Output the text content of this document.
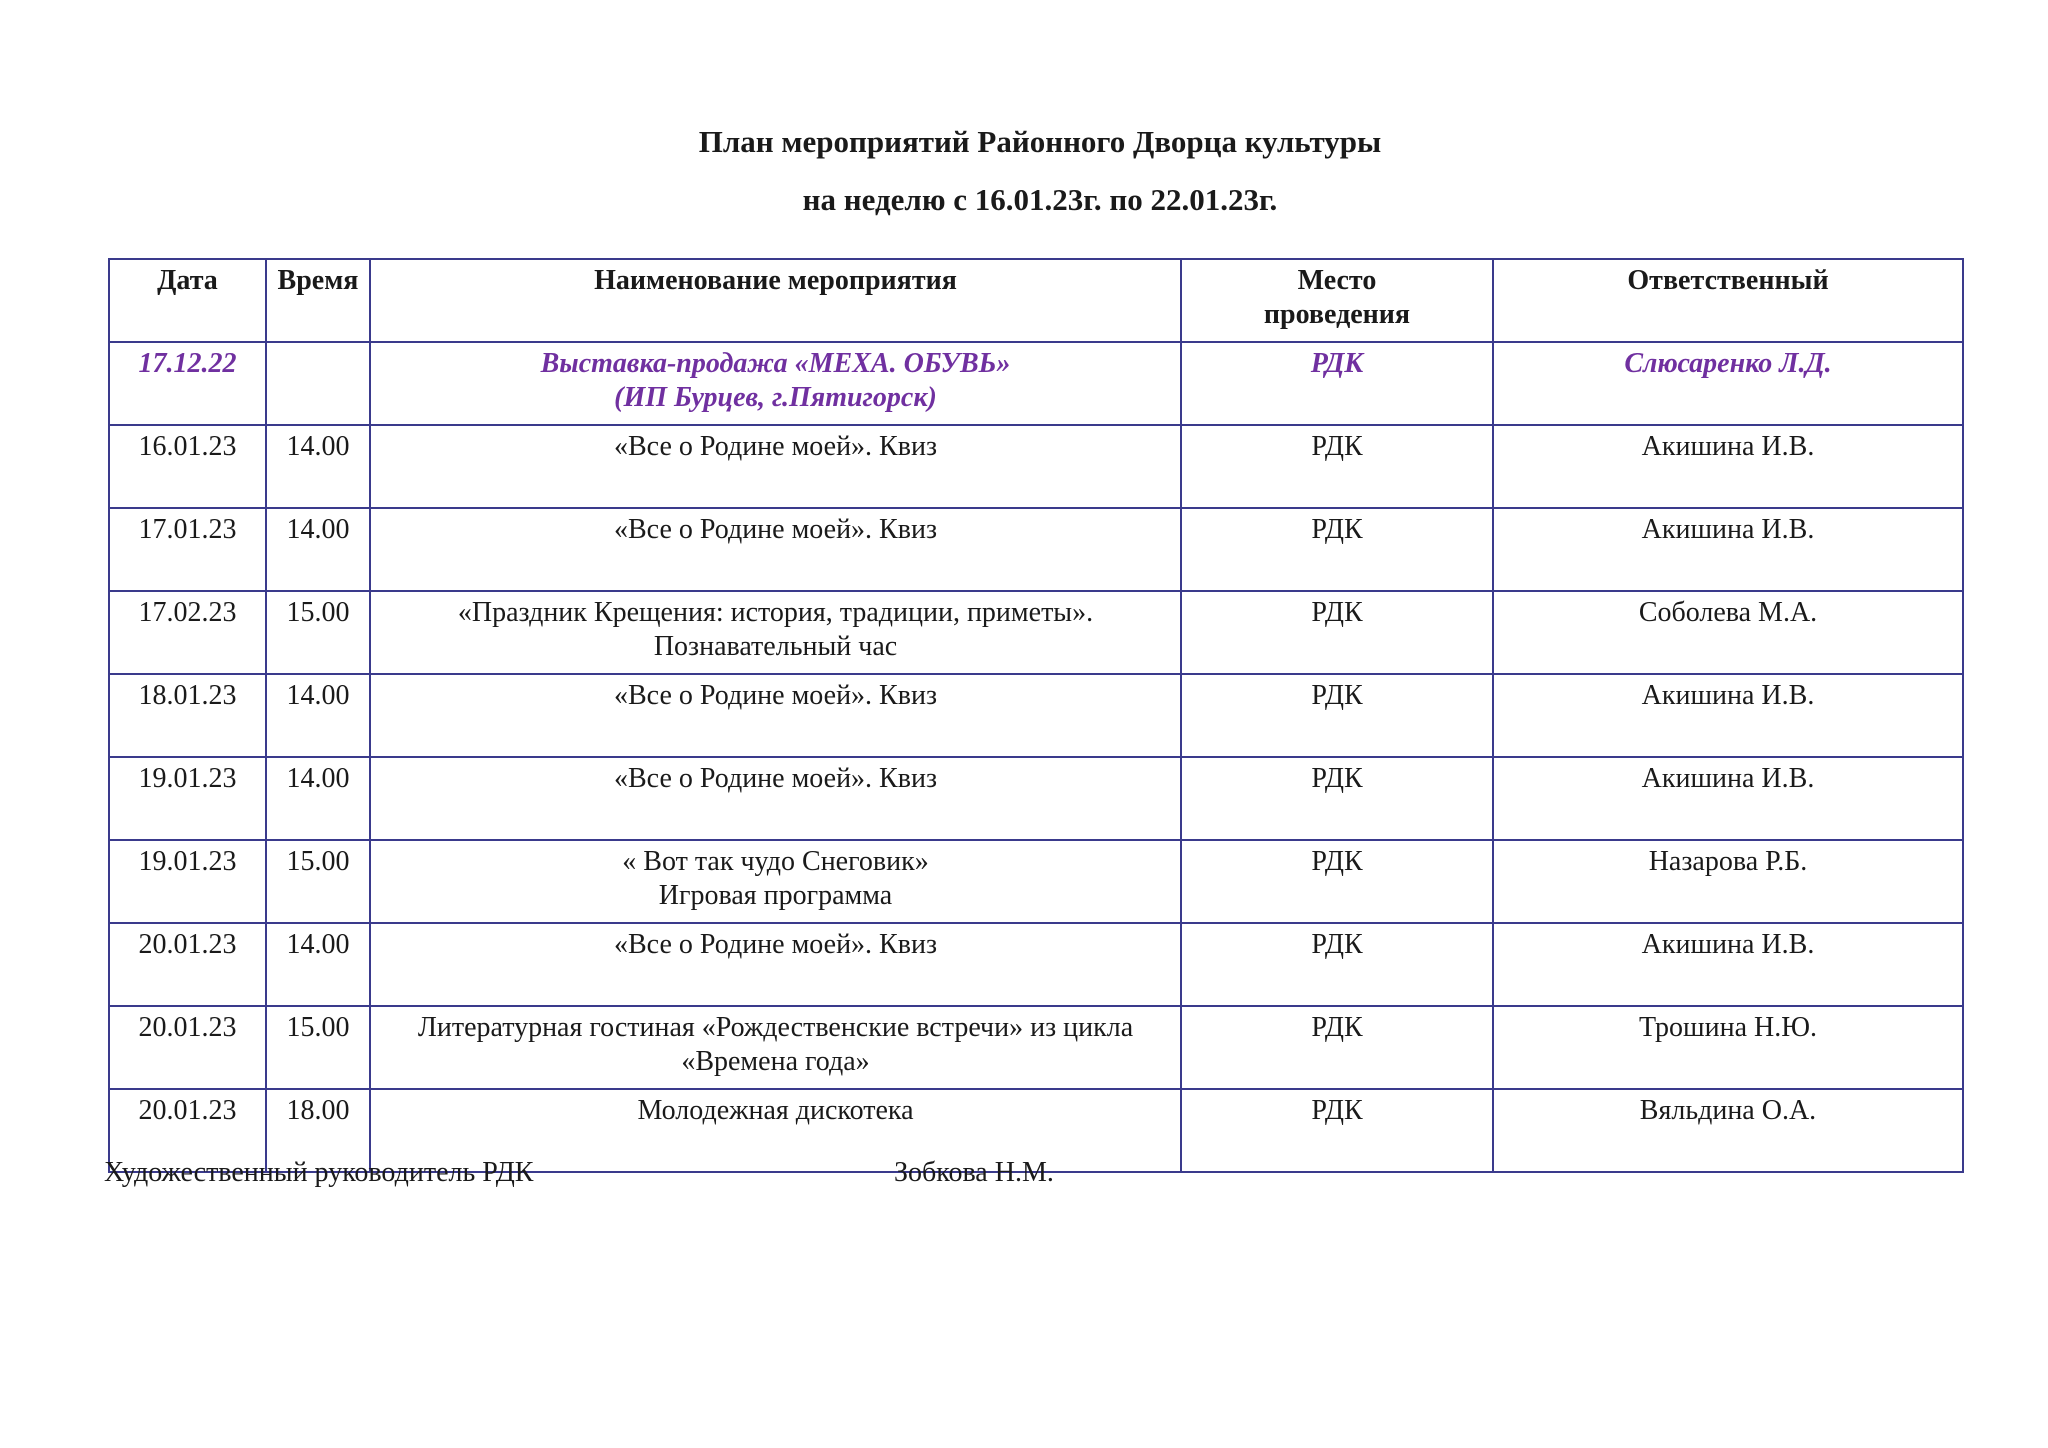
План мероприятий Районного Дворца культуры
на неделю с 16.01.23г. по 22.01.23г.
Дата	Время	Наименование мероприятия	Место
проведения	Ответственный
17.12.22		Выставка-продажа «МЕХА. ОБУВЬ»
(ИП Бурцев, г.Пятигорск)	РДК	Слюсаренко Л.Д.
16.01.23	14.00	«Все о Родине моей». Квиз	РДК	Акишина И.В.
17.01.23	14.00	«Все о Родине моей». Квиз	РДК	Акишина И.В.
17.02.23	15.00	«Праздник Крещения: история, традиции, приметы».
Познавательный час	РДК	Соболева М.А.
18.01.23	14.00	«Все о Родине моей». Квиз	РДК	Акишина И.В.
19.01.23	14.00	«Все о Родине моей». Квиз	РДК	Акишина И.В.
19.01.23	15.00	« Вот так чудо Снеговик»
Игровая программа	РДК	Назарова Р.Б.
20.01.23	14.00	«Все о Родине моей». Квиз	РДК	Акишина И.В.
20.01.23	15.00	Литературная гостиная «Рождественские встречи» из цикла
«Времена года»	РДК	Трошина Н.Ю.
20.01.23	18.00	Молодежная дискотека	РДК	Вяльдина О.А.
Художественный руководитель РДК	Зобкова Н.М.
